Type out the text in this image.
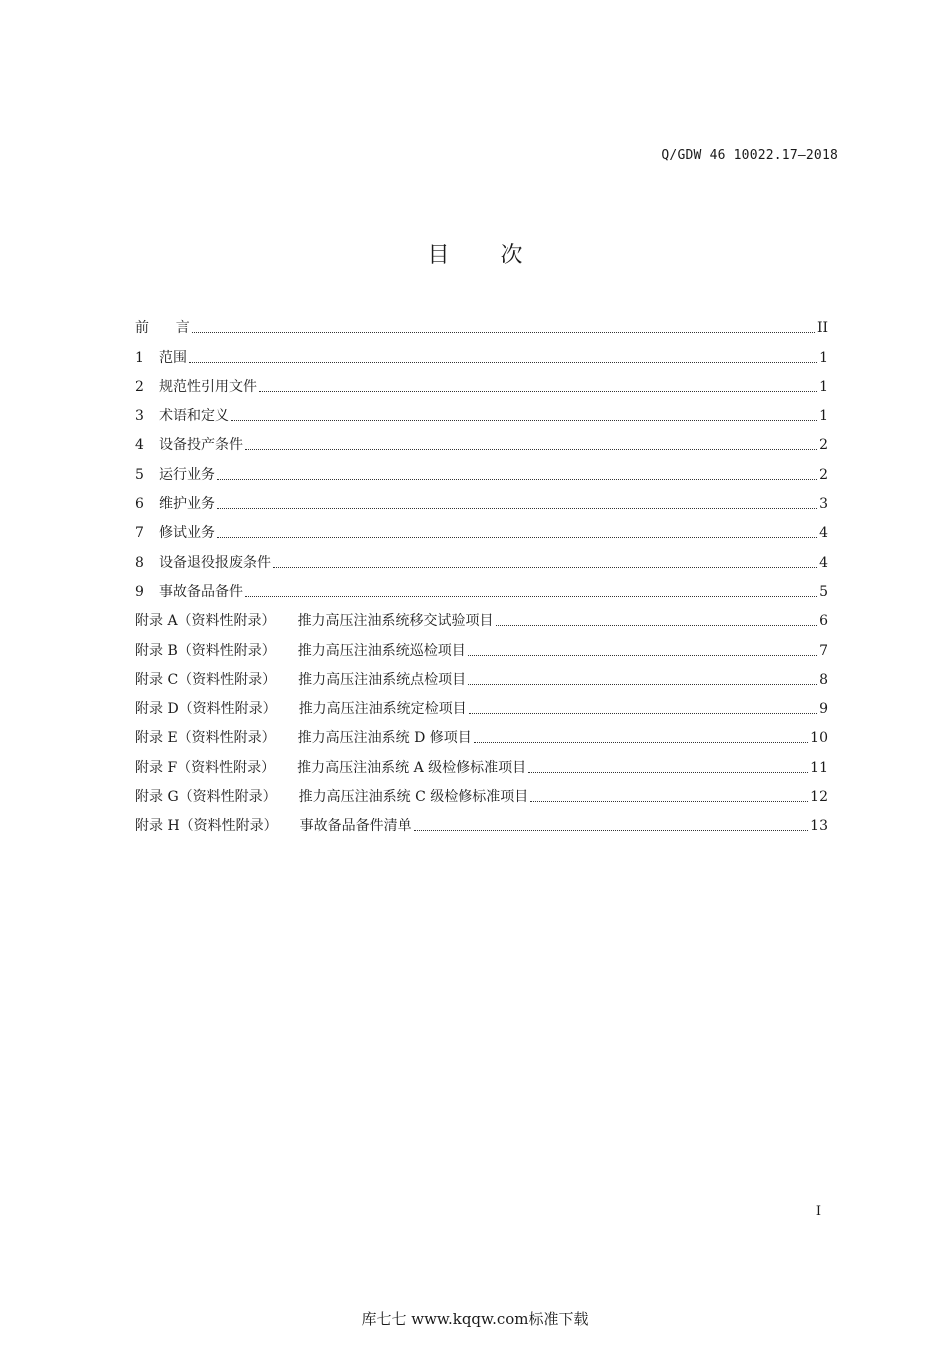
Q/GDW 46 10022.17—2018
目 次
前      言	II
1 范围	1
2 规范性引用文件	1
3 术语和定义	1
4 设备投产条件	2
5 运行业务	2
6 维护业务	3
7 修试业务	4
8 设备退役报废条件	4
9 事故备品备件	5
附录 A（资料性附录） 推力高压注油系统移交试验项目	6
附录 B（资料性附录） 推力高压注油系统巡检项目	7
附录 C（资料性附录） 推力高压注油系统点检项目	8
附录 D（资料性附录） 推力高压注油系统定检项目	9
附录 E（资料性附录） 推力高压注油系统 D 修项目	10
附录 F（资料性附录） 推力高压注油系统 A 级检修标准项目	11
附录 G（资料性附录） 推力高压注油系统 C 级检修标准项目	12
附录 H（资料性附录） 事故备品备件清单	13
I
库七七 www.kqqw.com标准下载
